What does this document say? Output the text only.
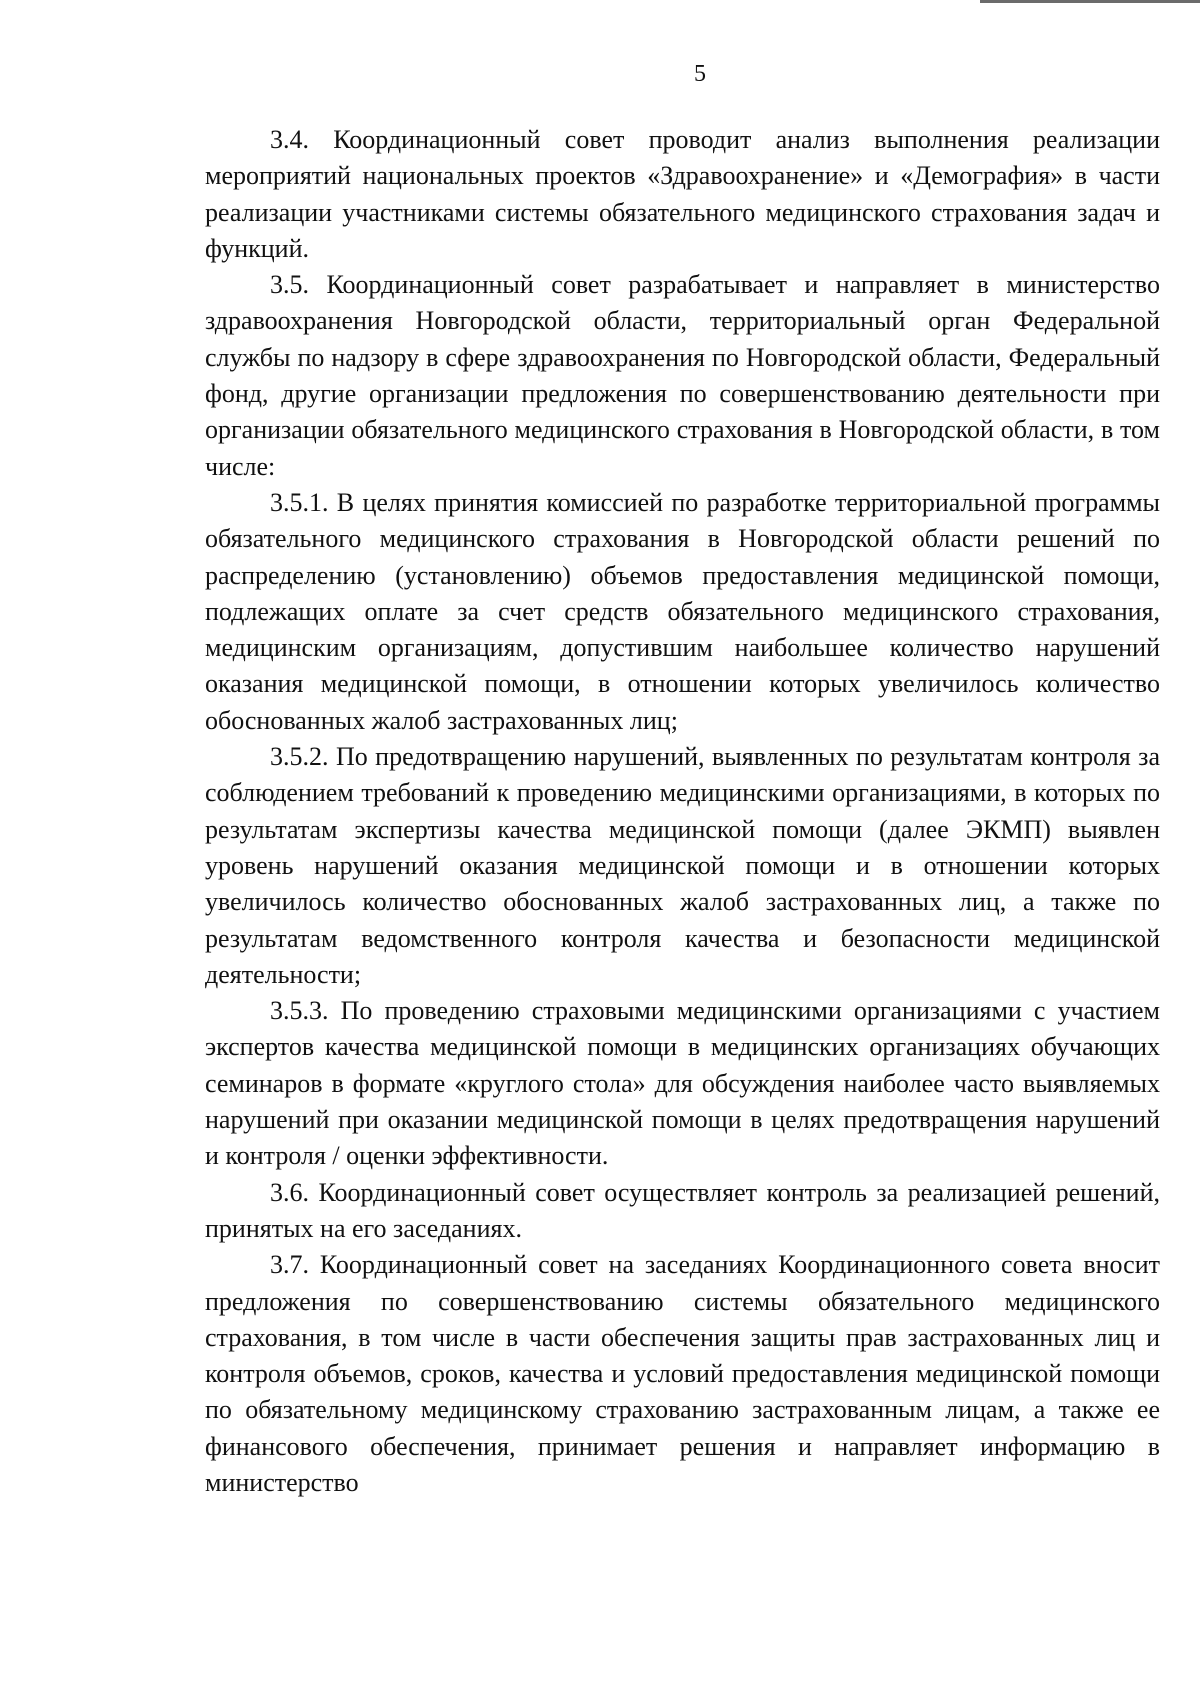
5

3.4. Координационный совет проводит анализ выполнения реализации мероприятий национальных проектов «Здравоохранение» и «Демография» в части реализации участниками системы обязательного медицинского страхования задач и функций.

3.5. Координационный совет разрабатывает и направляет в министерство здравоохранения Новгородской области, территориальный орган Федеральной службы по надзору в сфере здравоохранения по Новгородской области, Федеральный фонд, другие организации предложения по совершенствованию деятельности при организации обязательного медицинского страхования в Новгородской области, в том числе:

3.5.1. В целях принятия комиссией по разработке территориальной программы обязательного медицинского страхования в Новгородской области решений по распределению (установлению) объемов предоставления медицинской помощи, подлежащих оплате за счет средств обязательного медицинского страхования, медицинским организациям, допустившим наибольшее количество нарушений оказания медицинской помощи, в отношении которых увеличилось количество обоснованных жалоб застрахованных лиц;

3.5.2. По предотвращению нарушений, выявленных по результатам контроля за соблюдением требований к проведению медицинскими организациями, в которых по результатам экспертизы качества медицинской помощи (далее ЭКМП) выявлен уровень нарушений оказания медицинской помощи и в отношении которых увеличилось количество обоснованных жалоб застрахованных лиц, а также по результатам ведомственного контроля качества и безопасности медицинской деятельности;

3.5.3. По проведению страховыми медицинскими организациями с участием экспертов качества медицинской помощи в медицинских организациях обучающих семинаров в формате «круглого стола» для обсуждения наиболее часто выявляемых нарушений при оказании медицинской помощи в целях предотвращения нарушений и контроля / оценки эффективности.

3.6. Координационный совет осуществляет контроль за реализацией решений, принятых на его заседаниях.

3.7. Координационный совет на заседаниях Координационного совета вносит предложения по совершенствованию системы обязательного медицинского страхования, в том числе в части обеспечения защиты прав застрахованных лиц и контроля объемов, сроков, качества и условий предоставления медицинской помощи по обязательному медицинскому страхованию застрахованным лицам, а также ее финансового обеспечения, принимает решения и направляет информацию в министерство
